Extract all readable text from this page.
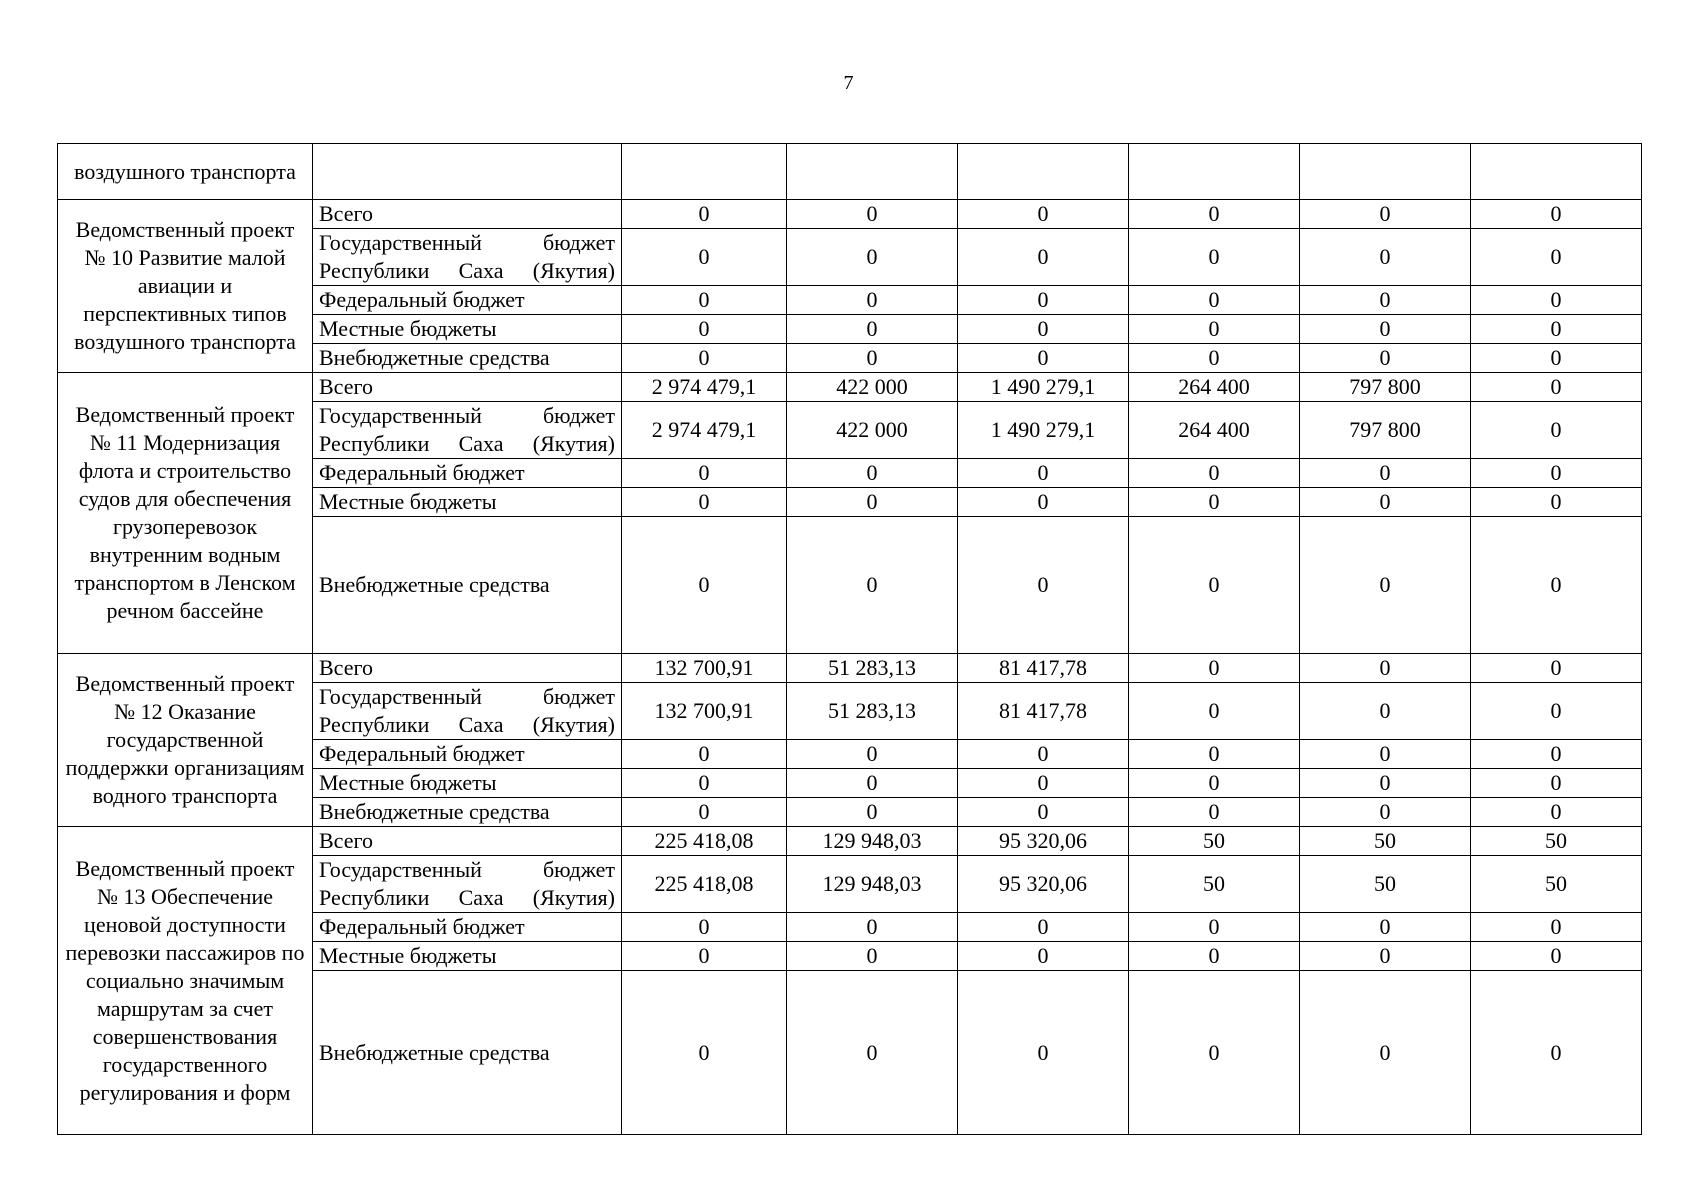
7
воздушного транспорта							
Ведомственный проект № 10 Развитие малой авиации и перспективных типов воздушного транспорта	Всего	0	0	0	0	0	0
	Государственный бюджет Республики Саха (Якутия)	0	0	0	0	0	0
	Федеральный бюджет	0	0	0	0	0	0
	Местные бюджеты	0	0	0	0	0	0
	Внебюджетные средства	0	0	0	0	0	0
Ведомственный проект № 11 Модернизация флота и строительство судов для обеспечения грузоперевозок внутренним водным транспортом в Ленском речном бассейне	Всего	2 974 479,1	422 000	1 490 279,1	264 400	797 800	0
	Государственный бюджет Республики Саха (Якутия)	2 974 479,1	422 000	1 490 279,1	264 400	797 800	0
	Федеральный бюджет	0	0	0	0	0	0
	Местные бюджеты	0	0	0	0	0	0
	Внебюджетные средства	0	0	0	0	0	0
Ведомственный проект № 12 Оказание государственной поддержки организациям водного транспорта	Всего	132 700,91	51 283,13	81 417,78	0	0	0
	Государственный бюджет Республики Саха (Якутия)	132 700,91	51 283,13	81 417,78	0	0	0
	Федеральный бюджет	0	0	0	0	0	0
	Местные бюджеты	0	0	0	0	0	0
	Внебюджетные средства	0	0	0	0	0	0
Ведомственный проект № 13 Обеспечение ценовой доступности перевозки пассажиров по социально значимым маршрутам за счет совершенствования государственного регулирования и форм	Всего	225 418,08	129 948,03	95 320,06	50	50	50
	Государственный бюджет Республики Саха (Якутия)	225 418,08	129 948,03	95 320,06	50	50	50
	Федеральный бюджет	0	0	0	0	0	0
	Местные бюджеты	0	0	0	0	0	0
	Внебюджетные средства	0	0	0	0	0	0
